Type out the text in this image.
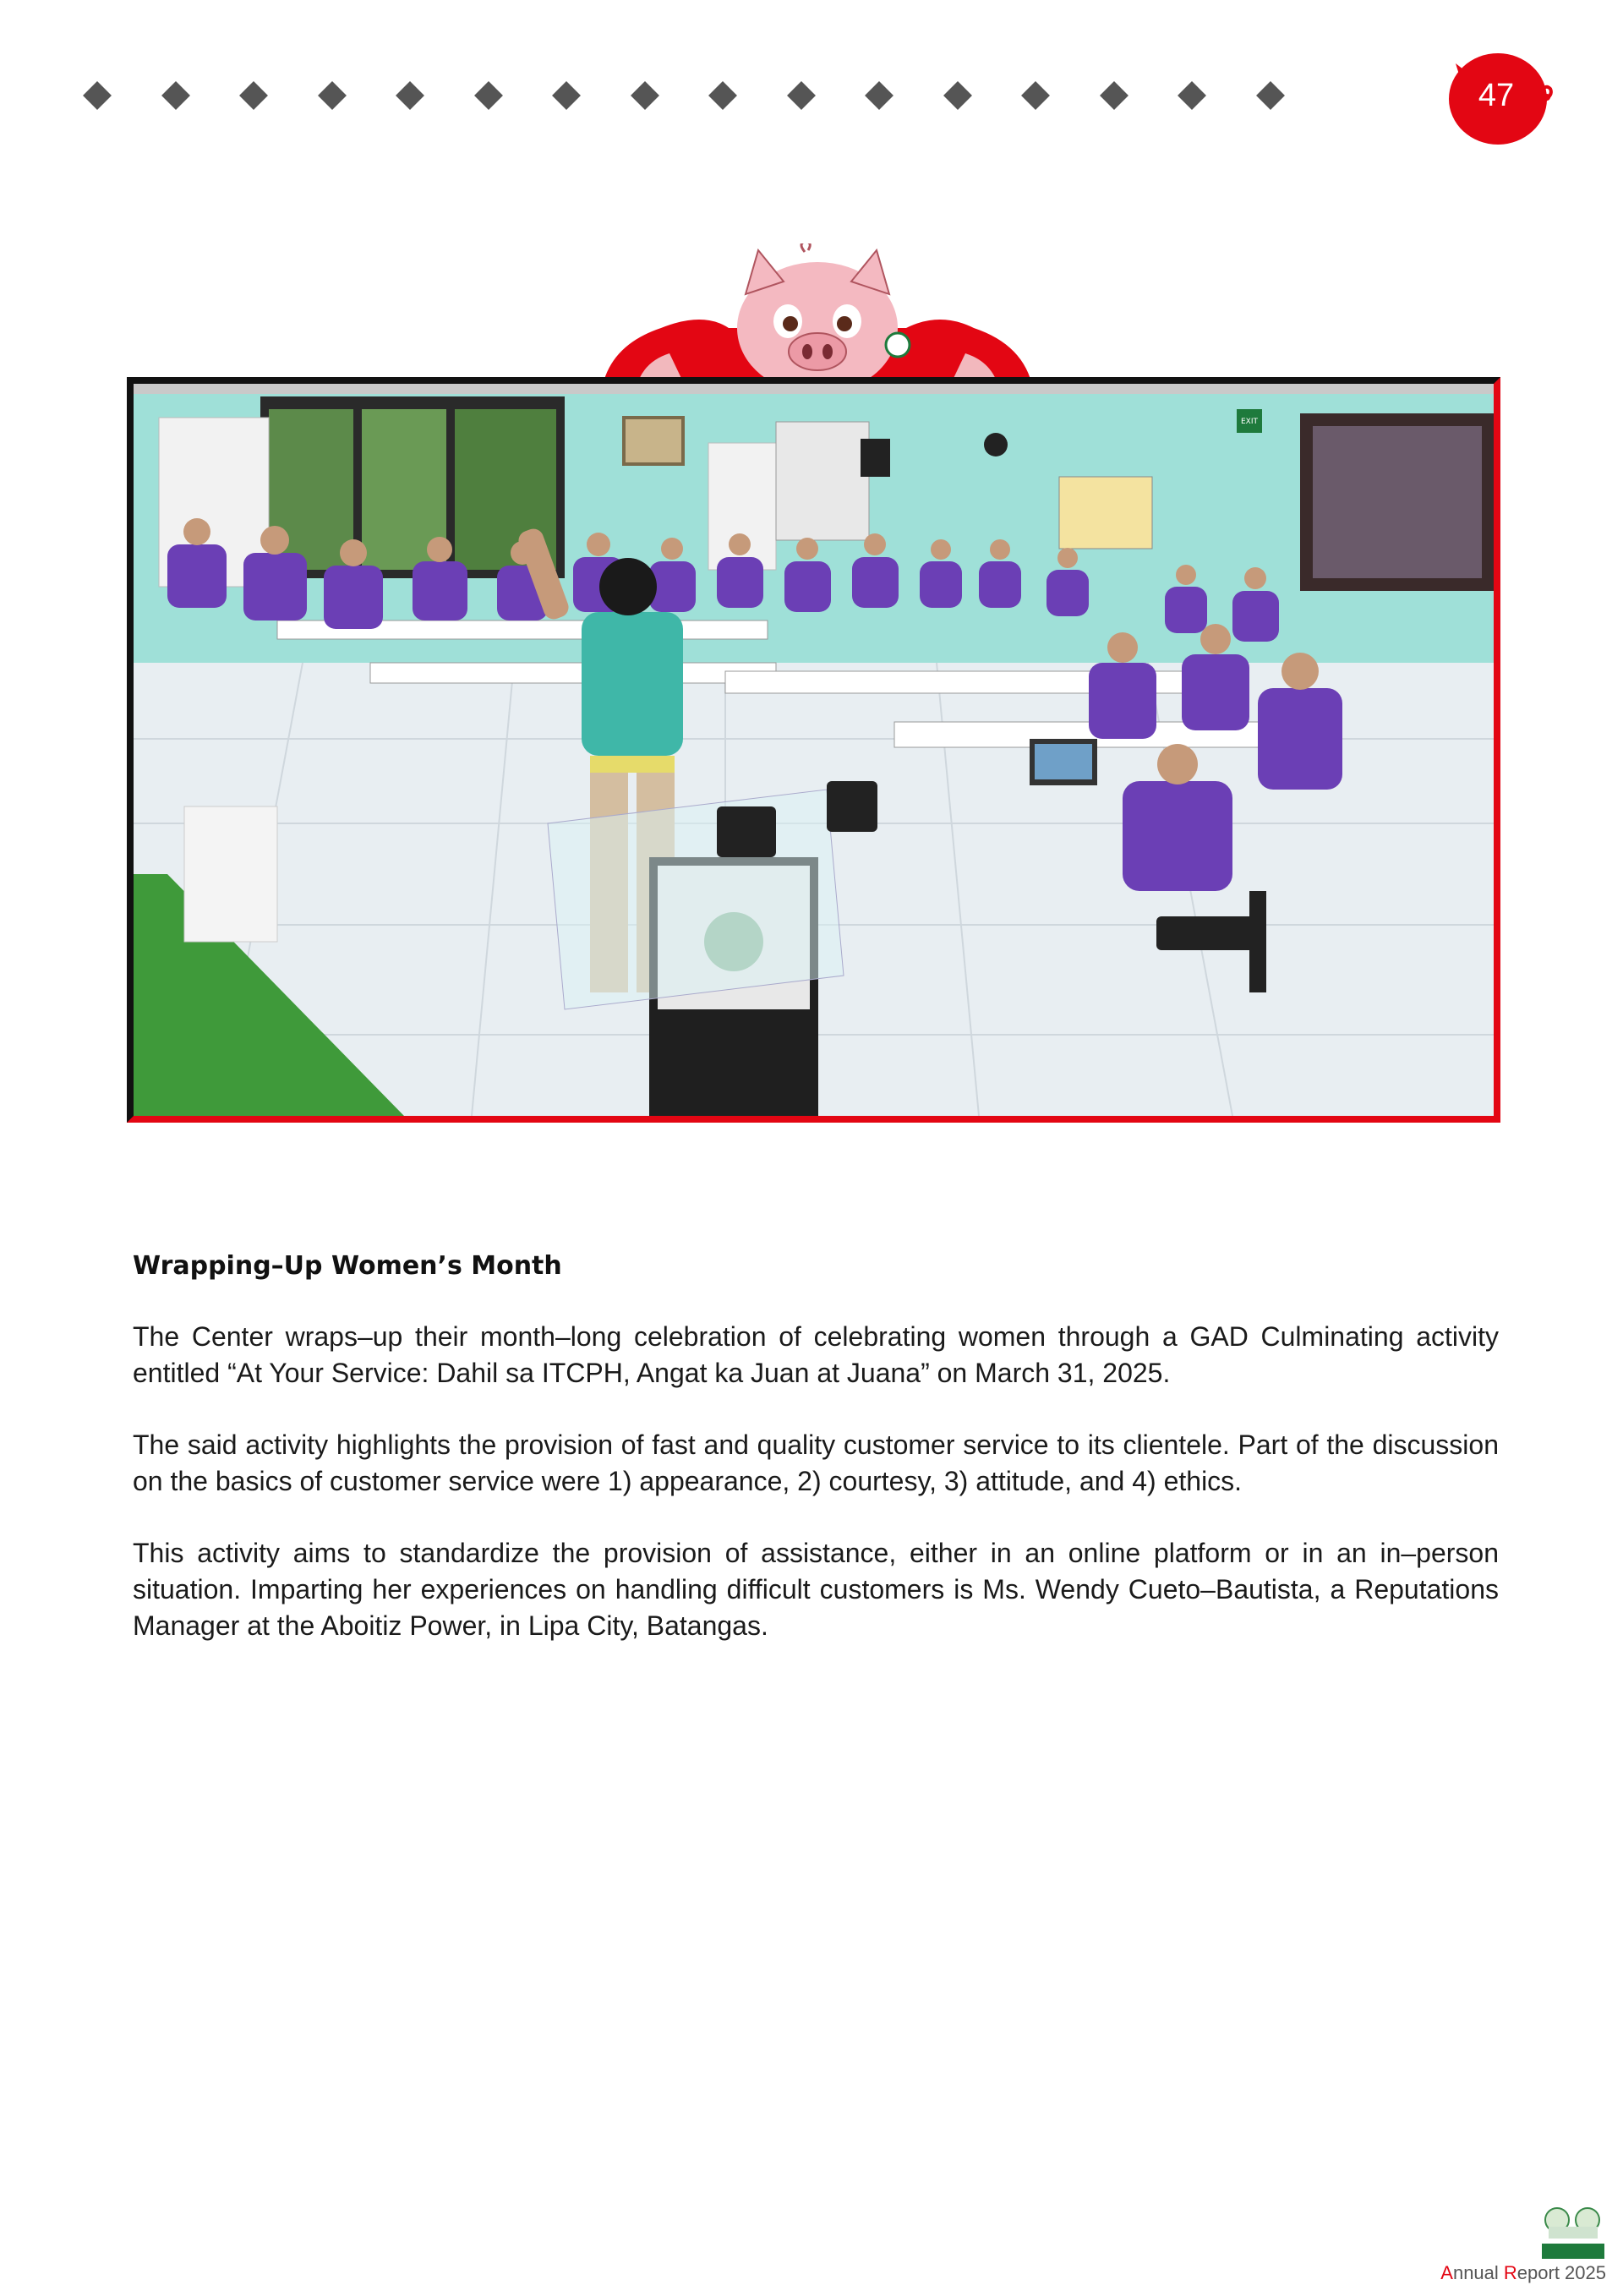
47
EXIT
Wrapping–Up Women’s Month

The Center wraps–up their month–long celebration of celebrating women through a GAD Culminating activity entitled “At Your Service: Dahil sa ITCPH, Angat ka Juan at Juana” on March 31, 2025.

The said activity highlights the provision of fast and quality customer service to its clientele. Part of the discussion on the basics of customer service were 1) appearance, 2) courtesy, 3) attitude, and 4) ethics.

This activity aims to standardize the provision of assistance, either in an online platform or in an in–person situation. Imparting her experiences on handling difficult customers is Ms. Wendy Cueto–Bautista, a Reputations Manager at the Aboitiz Power, in Lipa City, Batangas.

Annual Report 2025
